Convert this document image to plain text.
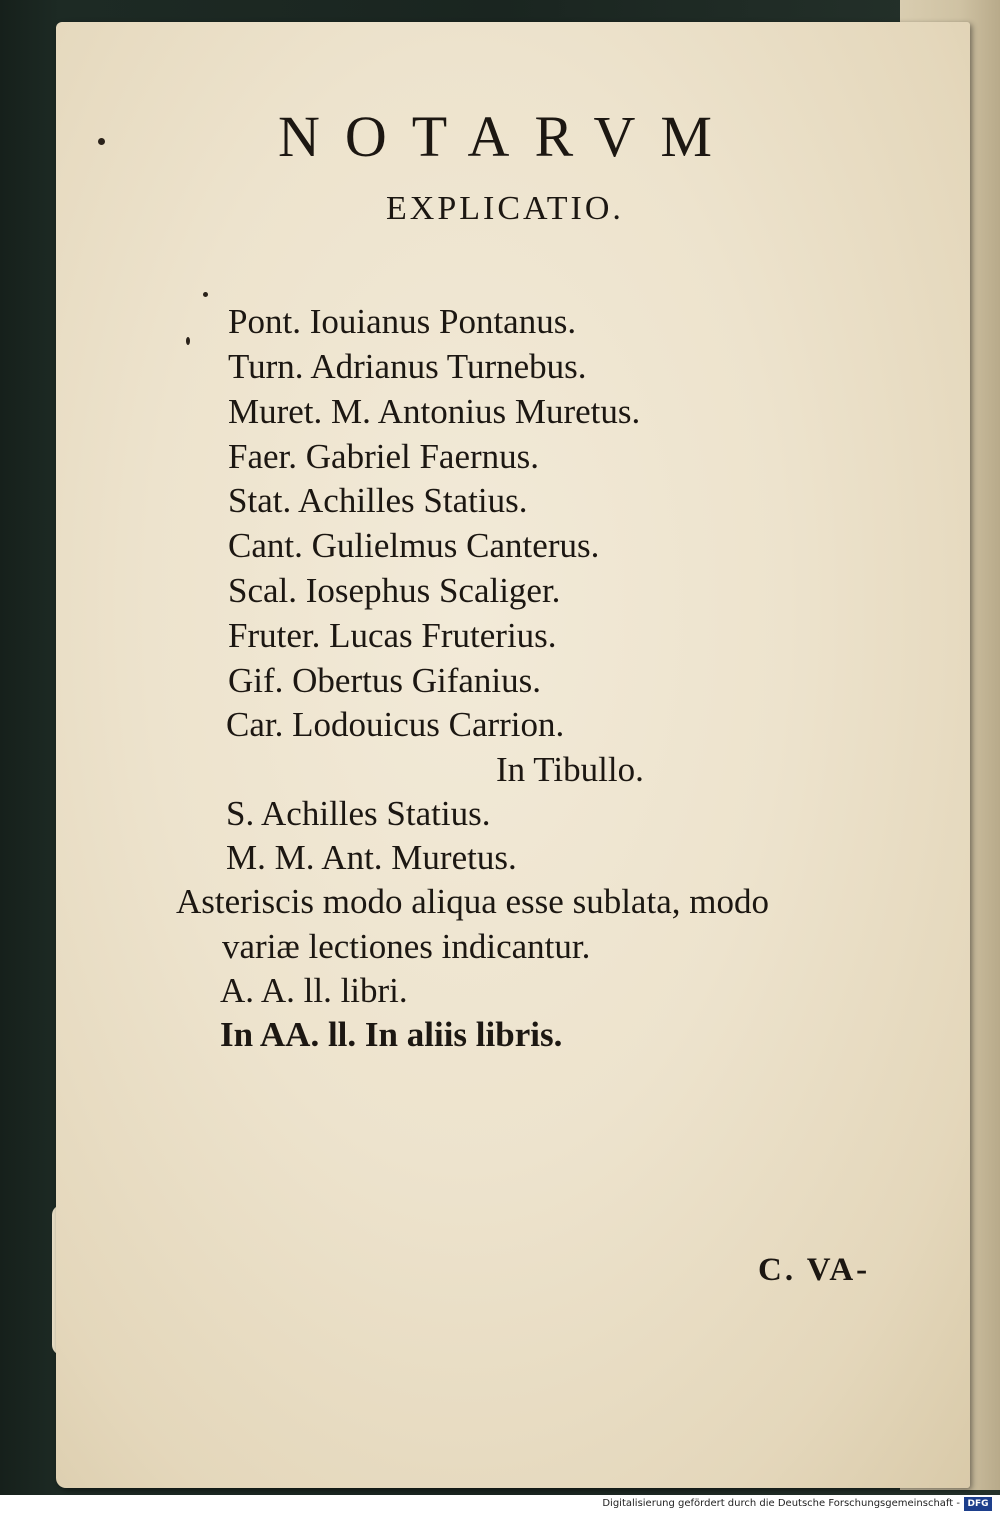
NOTARVM
EXPLICATIO.
Pont. Iouianus Pontanus.
Turn. Adrianus Turnebus.
Muret. M. Antonius Muretus.
Faer. Gabriel Faernus.
Stat. Achilles Statius.
Cant. Gulielmus Canterus.
Scal. Iosephus Scaliger.
Fruter. Lucas Fruterius.
Gif. Obertus Gifanius.
Car. Lodouicus Carrion.
In Tibullo.
S. Achilles Statius.
M. M. Ant. Muretus.
Asteriscis modo aliqua esse sublata, modo
variæ lectiones indicantur.
A. A. ll. libri.
In AA. ll. In aliis libris.
C. VA-
Digitalisierung gefördert durch die Deutsche Forschungsgemeinschaft - DFG
